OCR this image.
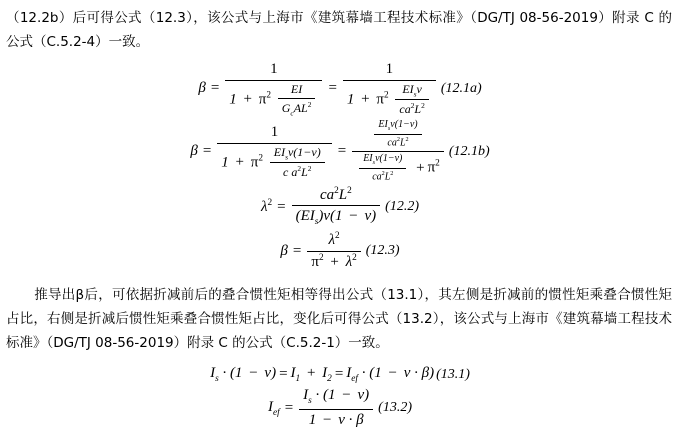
（12.2b）后可得公式（12.3），该公式与上海市《建筑幕墙工程技术标准》（DG/TJ 08-56-2019）附录 C 的公式（C.5.2-4）一致。

$\beta = \frac{1}{1 + \pi^2 \frac{EI}{G_cAL^2}} = \frac{1}{1 + \pi^2 \frac{EI_s\nu}{ca^2L^2}} (12.1a)$
β =
1
$1 + \pi^2 \frac{EI_s\nu(1-\nu)}{c a^2L^2} = \frac{\frac{EI_s\nu(1-\nu)}{ca^2L^2}}{\frac{EI_s\nu(1-\nu)}{ca^2L^2} + \pi^2} (12.1b)$
$\lambda^2 = \frac{ca^2L^2}{(EI_s)\nu(1 - \nu)} (12.2)$
$\beta = \frac{\lambda^2}{\pi^2 + \lambda^2} (12.3)$

推导出β后，可依据折减前后的叠合惯性矩相等得出公式（13.1），其左侧是折减前的惯性矩乘叠合惯性矩占比，右侧是折减后惯性矩乘叠合惯性矩占比，变化后可得公式（13.2），该公式与上海市《建筑幕墙工程技术标准》（DG/TJ 08-56-2019）附录 C 的公式（C.5.2-1）一致。

$I_s \cdot (1 - \nu) = I_1 + I_2 = I_{ef} \cdot (1 - \nu \cdot \beta)$ (13.1)
$I_{ef} = \frac{I_s \cdot (1 - \nu)}{1 - \nu \cdot \beta} (13.2)$
